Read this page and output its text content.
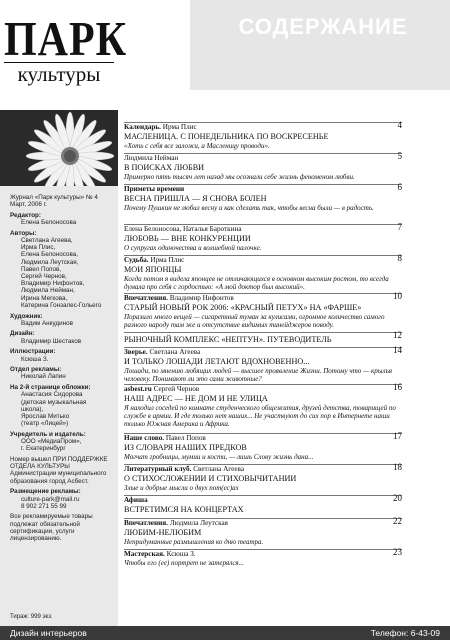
ПАРК
культуры

Журнал «Парк культуры» № 4
Март, 2006 г.

Редактор:
Елена Белоносова

Авторы:
Светлана Агеева,
Ирма Плис,
Елена Белоносова,
Людмила Леутская,
Павел Попов,
Сергей Чернов,
Владимир Нифонтов,
Людмила Нейман,
Ирина Мегкова,
Катерина Гонзалес-Гольего

Художник:
Вадим Анкудинов

Дизайн:
Владимир Шестаков

Иллюстрации:
Ксюша З.

Отдел рекламы:
Николай Лапин

На 2-й странице обложки:
Анастасия Сидорова
(детская музыкальная
школа),
Ярослав Митько
(театр «Лицей»)

Учредитель и издатель:
ООО «МедиаПром»,
г. Екатеринбург

Номер вышел ПРИ ПОДДЕРЖКЕ ОТДЕЛА КУЛЬТУРЫ Администрации муниципального образования город Асбест.

Размещение рекламы:
culture-park@mail.ru
8 902 271 55 99

Все рекламируемые товары подлежат обязательной сертификации, услуги лицензированию.

Тираж: 999 экз.
СОДЕРЖАНИЕ
Календарь. Ирма Плис
МАСЛЕНИЦА. С ПОНЕДЕЛЬНИКА ПО ВОСКРЕСЕНЬЕ
«Хоть с себя все заложи, а Масленицу проводи».
4
Людмила Нейман
В ПОИСКАХ ЛЮБВИ
Примерно пять тысяч лет назад мы осознали себе жизнь феноменом любви.
5
Приметы времени
ВЕСНА ПРИШЛА — Я СНОВА БОЛЕН
Почему Пушкин не любил весну и как сделать так, чтобы весна была — в радость.
6
Елена Белоносова, Наталья Бароткина
ЛЮБОВЬ — ВНЕ КОНКУРЕНЦИИ
О супругах одиночества и волшебной палочке.
7
Судьба. Ирма Плис
МОИ ЯПОНЦЫ
Когда потом я видела японцев не отличающихся в основном высоким ростом, то всегда думала про себя с гордостью: «А мой доктор был высокий».
8
Впечатления. Владимир Нифонтов
СТАРЫЙ НОВЫЙ РОК 2006: «КРАСНЫЙ ПЕТУХ» НА «ФАРШЕ»
Поразило много вещей — сигаретный туман за кулисами, огромное количество самого разного народу там же и отсутствие видимых тинейджеров поводу.
10
РЫНОЧНЫЙ КОМПЛЕКС «НЕПТУН». ПУТЕВОДИТЕЛЬ	12
Зверье. Светлана Агеева
И ТОЛЬКО ЛОШАДИ ЛЕТАЮТ ВДОХНОВЕННО...
Лошади, по мнению любящих людей — высшее проявление Жизни. Потому что — крылья человеку. Понимают ли это сами животные?
14
asbest.ru Сергей Чернов
НАШ АДРЕС — НЕ ДОМ И НЕ УЛИЦА
Я находил соседей по комнате студенческого общежития, друзей детства, товарищей по службе в армии. И где только нет наших... Не участвуют до сих пор в Интернете наши только Южная Америка и Африка.
16
Наше слово. Павел Попов
ИЗ СЛОВАРЯ НАШИХ ПРЕДКОВ
Могчат гробницы, мумии и кости, — лишь Слову жизнь дана...
17
Литературный клуб. Светлана Агеева
О СТИХОСЛОЖЕНИИ И СТИХОВЫЧИТАНИИ
Злые и добрые мысли о двух пот(ес)ах
18
Афиша
ВСТРЕТИМСЯ НА КОНЦЕРТАХ
20
Впечатления. Людмила Леутская
ЛЮБИМ-НЕЛЮБИМ
Непридуманные размышления ко дню театра.
22
Мастерская. Ксюша З.
Чтобы его (ее) портрет не затерялся...
23
Дизайн интерьеров	Телефон: 6-43-09
